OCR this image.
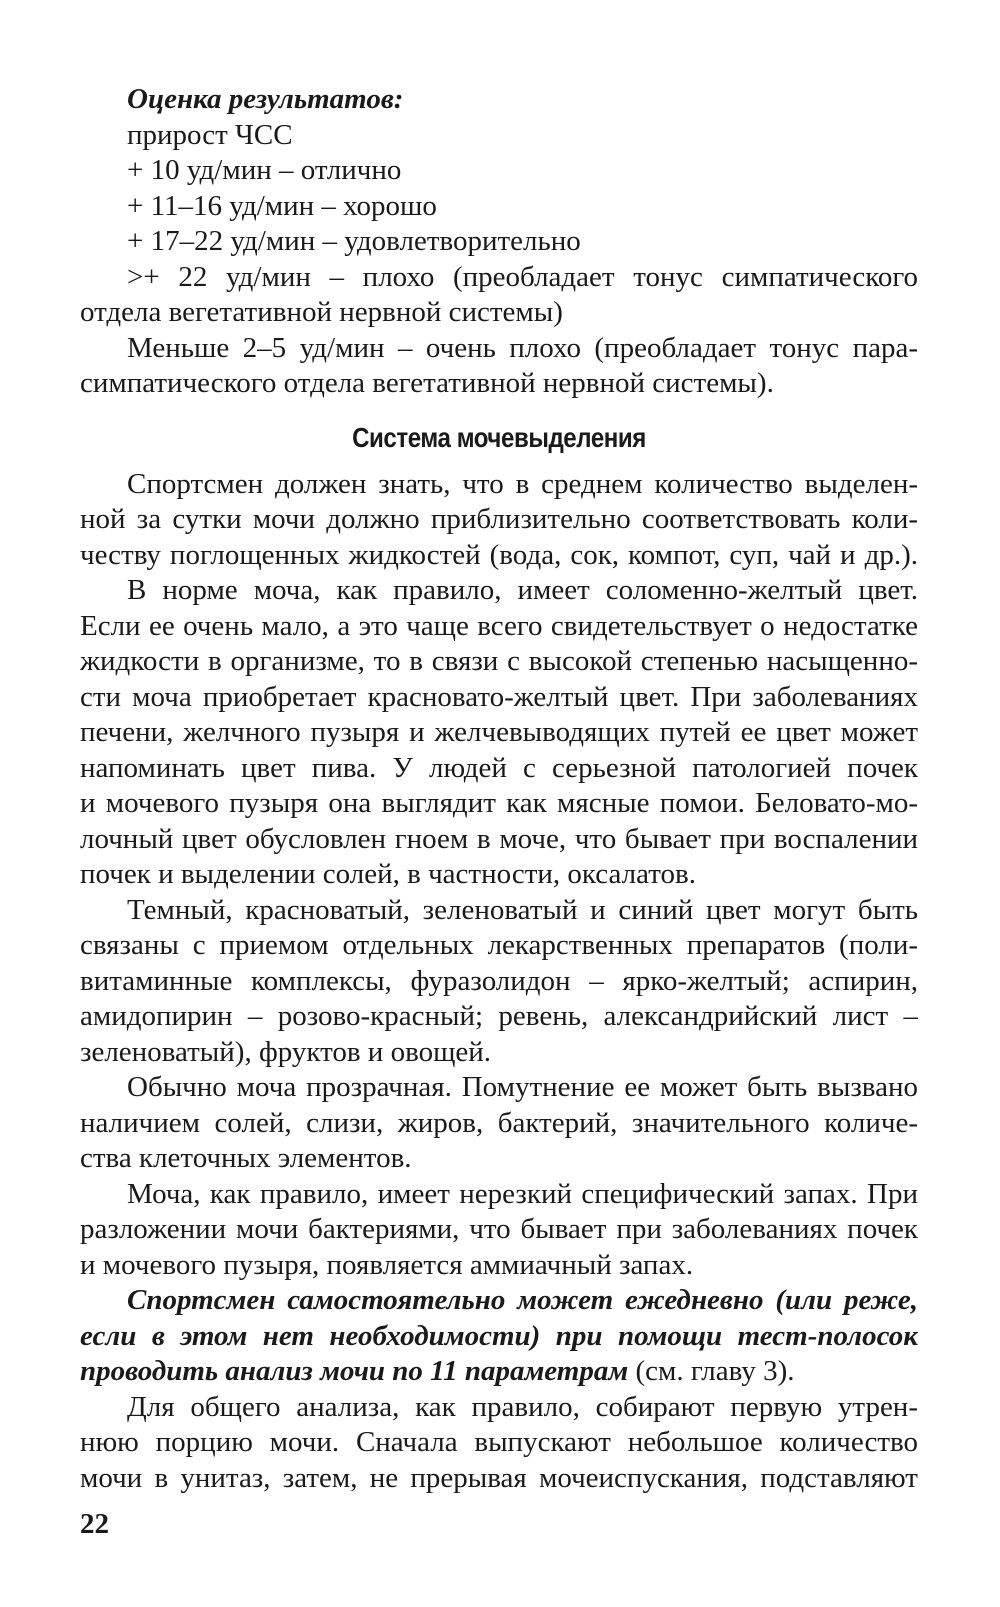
Оценка результатов:
прирост ЧСС
+ 10 уд/мин – отлично
+ 11–16 уд/мин – хорошо
+ 17–22 уд/мин – удовлетворительно
>+ 22 уд/мин – плохо (преобладает тонус симпатического
отдела вегетативной нервной системы)
Меньше 2–5 уд/мин – очень плохо (преобладает тонус пара-
симпатического отдела вегетативной нервной системы).
Система мочевыделения
Спортсмен должен знать, что в среднем количество выделен-
ной за сутки мочи должно приблизительно соответствовать коли-
честву поглощенных жидкостей (вода, сок, компот, суп, чай и др.).
В норме моча, как правило, имеет соломенно-желтый цвет.
Если ее очень мало, а это чаще всего свидетельствует о недостатке
жидкости в организме, то в связи с высокой степенью насыщенно-
сти моча приобретает красновато-желтый цвет. При заболеваниях
печени, желчного пузыря и желчевыводящих путей ее цвет может
напоминать цвет пива. У людей с серьезной патологией почек
и мочевого пузыря она выглядит как мясные помои. Беловато-мо-
лочный цвет обусловлен гноем в моче, что бывает при воспалении
почек и выделении солей, в частности, оксалатов.
Темный, красноватый, зеленоватый и синий цвет могут быть
связаны с приемом отдельных лекарственных препаратов (поли-
витаминные комплексы, фуразолидон – ярко-желтый; аспирин,
амидопирин – розово-красный; ревень, александрийский лист –
зеленоватый), фруктов и овощей.
Обычно моча прозрачная. Помутнение ее может быть вызвано
наличием солей, слизи, жиров, бактерий, значительного количе-
ства клеточных элементов.
Моча, как правило, имеет нерезкий специфический запах. При
разложении мочи бактериями, что бывает при заболеваниях почек
и мочевого пузыря, появляется аммиачный запах.
Спортсмен самостоятельно может ежедневно (или реже,
если в этом нет необходимости) при помощи тест-полосок
проводить анализ мочи по 11 параметрам (см. главу 3).
Для общего анализа, как правило, собирают первую утрен-
нюю порцию мочи. Сначала выпускают небольшое количество
мочи в унитаз, затем, не прерывая мочеиспускания, подставляют
22
